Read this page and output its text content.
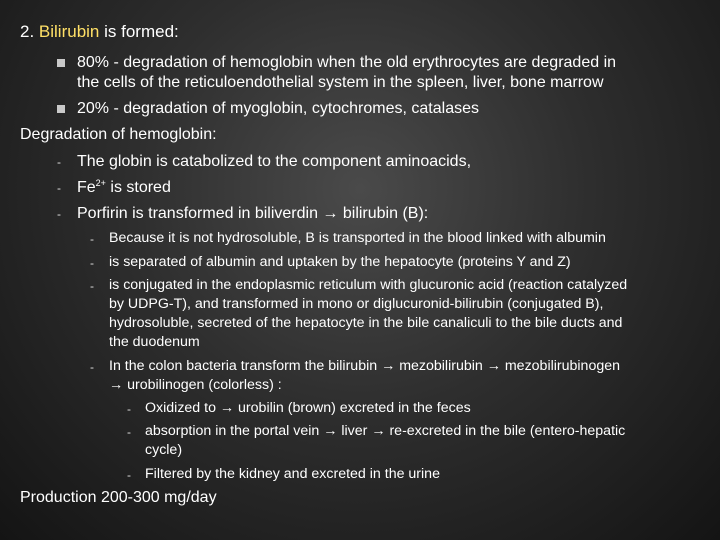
2. Bilirubin is formed:
80% - degradation of hemoglobin when the old erythrocytes are degraded in
the cells of the reticuloendothelial system in the spleen, liver, bone marrow
20% - degradation of myoglobin, cytochromes, catalases
Degradation of hemoglobin:
- The globin is catabolized to the component aminoacids,
- $Fe^{2+}$ is stored
- Porfirin is transformed in biliverdin → bilirubin (B):
- Because it is not hydrosoluble, B is transported in the blood linked with albumin
- is separated of albumin and uptaken by the hepatocyte (proteins Y and Z)
- is conjugated in the endoplasmic reticulum with glucuronic acid (reaction catalyzed
by UDPG-T), and transformed in mono or diglucuronid-bilirubin (conjugated B),
hydrosoluble, secreted of the hepatocyte in the bile canaliculi to the bile ducts and
the duodenum
- In the colon bacteria transform the bilirubin → mezobilirubin → mezobilirubinogen
→ urobilinogen (colorless) :
- Oxidized to → urobilin (brown) excreted in the feces
- absorption in the portal vein → liver → re-excreted in the bile (entero-hepatic
cycle)
- Filtered by the kidney and excreted in the urine
Production 200-300 mg/day
